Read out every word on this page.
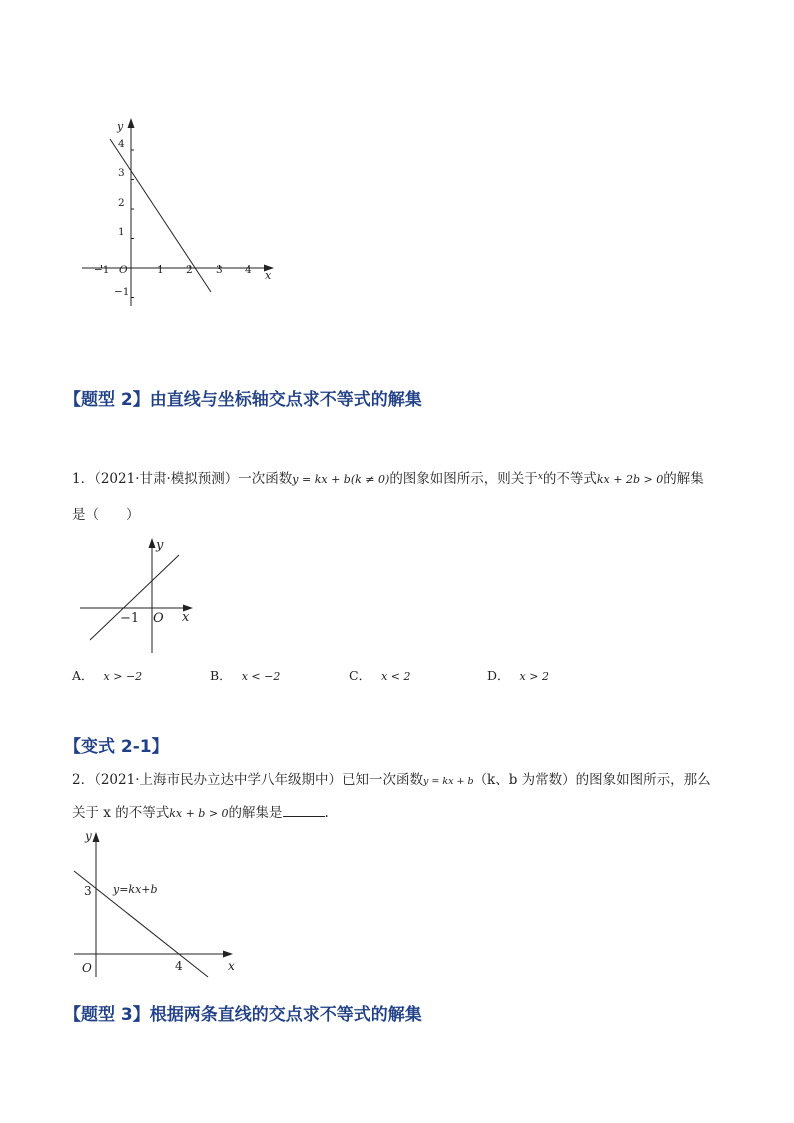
y
x
O
−1	1 2 3 4
4
3
2
1
−1
【题型 2】由直线与坐标轴交点求不等式的解集
1．（2021·甘肃·模拟预测）一次函数y = kx + b(k ≠ 0)的图象如图所示，则关于$^x$的不等式kx + 2b > 0的解集
是（　　）
y
x
O
−1
A． x > −2	B． x < −2	C． x < 2	D． x > 2
【变式 2-1】
2．（2021·上海市民办立达中学八年级期中）已知一次函数y = kx + b（k、b 为常数）的图象如图所示，那么
关于 x 的不等式kx + b > 0的解集是	.
y
x
O
3
4
y=kx+b
【题型 3】根据两条直线的交点求不等式的解集
